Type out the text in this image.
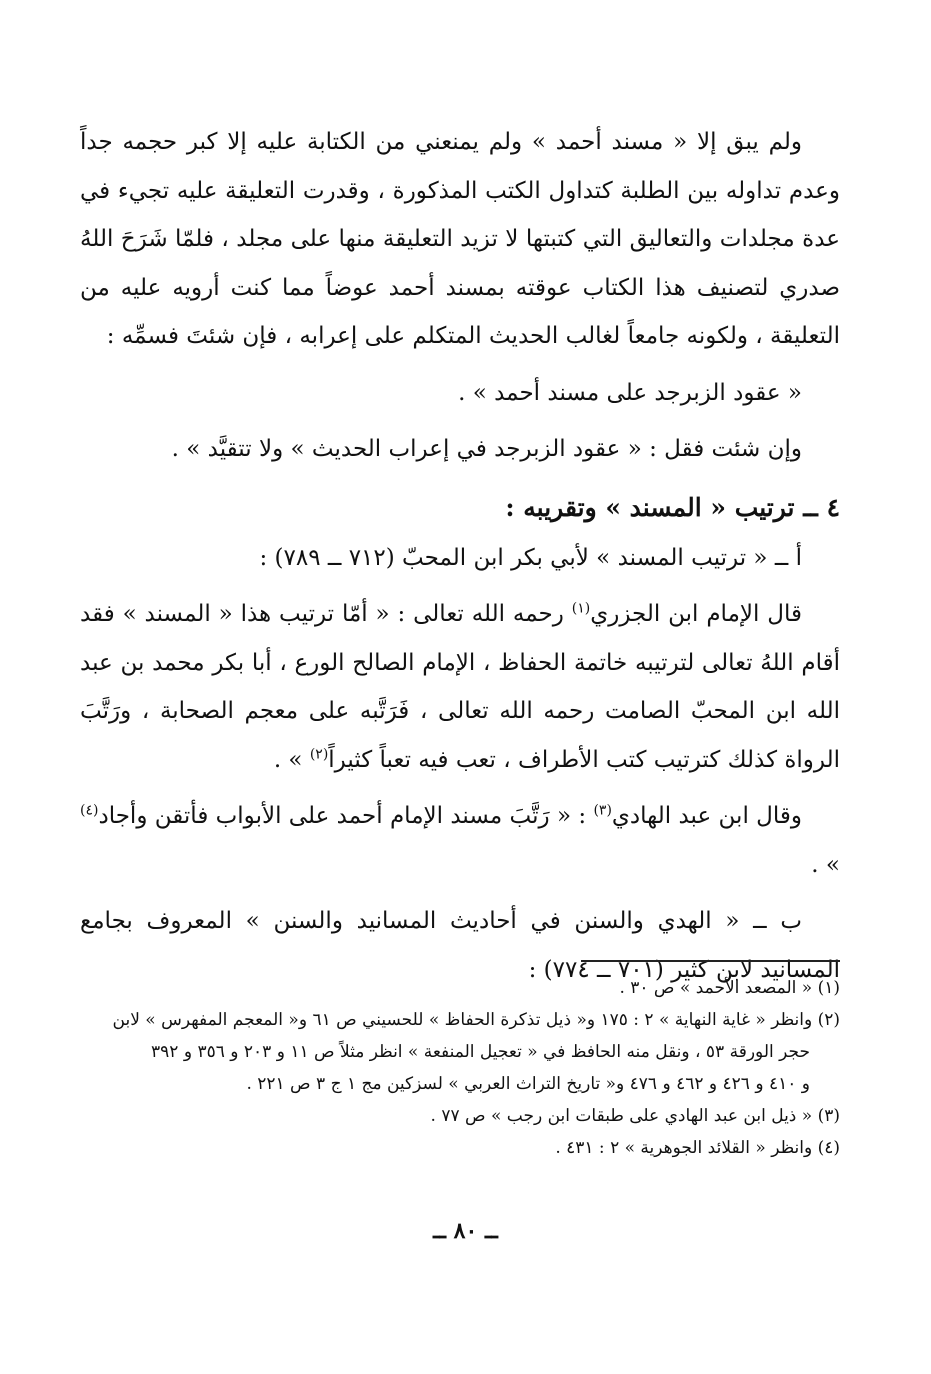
ولم يبق إلا « مسند أحمد » ولم يمنعني من الكتابة عليه إلا كبر حجمه جداً وعدم تداوله بين الطلبة كتداول الكتب المذكورة ، وقدرت التعليقة عليه تجيء في عدة مجلدات والتعاليق التي كتبتها لا تزيد التعليقة منها على مجلد ، فلمّا شَرَحَ اللهُ صدري لتصنيف هذا الكتاب عوقته بمسند أحمد عوضاً مما كنت أرويه عليه من التعليقة ، ولكونه جامعاً لغالب الحديث المتكلم على إعرابه ، فإن شئتَ فسمِّه :

« عقود الزبرجد على مسند أحمد » .

وإن شئت فقل : « عقود الزبرجد في إعراب الحديث » ولا تتقيَّد » .

٤ ــ ترتيب « المسند » وتقريبه :

أ ــ « ترتيب المسند » لأبي بكر ابن المحبّ (٧١٢ ــ ٧٨٩) :

قال الإمام ابن الجزري$^{(١)}$ رحمه الله تعالى : « أمّا ترتيب هذا « المسند » فقد أقام اللهُ تعالى لترتيبه خاتمة الحفاظ ، الإمام الصالح الورع ، أبا بكر محمد بن عبد الله ابن المحبّ الصامت رحمه الله تعالى ، فَرَتَّبه على معجم الصحابة ، ورَتَّبَ الرواة كذلك كترتيب كتب الأطراف ، تعب فيه تعباً كثيراً$^{(٢)}$ » .

وقال ابن عبد الهادي$^{(٣)}$ : « رَتَّبَ مسند الإمام أحمد على الأبواب فأتقن وأجاد$^{(٤)}$ » .

ب ــ « الهدي والسنن في أحاديث المسانيد والسنن » المعروف بجامع المسانيد لابن كثير (٧٠١ ــ ٧٧٤) :

(١) « المصعد الأحمد » ص ٣٠ .

(٢) وانظر « غاية النهاية » ٢ : ١٧٥ و« ذيل تذكرة الحفاظ » للحسيني ص ٦١ و« المعجم المفهرس » لابن

حجر الورقة ٥٣ ، ونقل منه الحافظ في « تعجيل المنفعة » انظر مثلاً ص ١١ و ٢٠٣ و ٣٥٦ و ٣٩٢

و ٤١٠ و ٤٢٦ و ٤٦٢ و ٤٧٦ و« تاريخ التراث العربي » لسزكين مج ١ ج ٣ ص ٢٢١ .

(٣) « ذيل ابن عبد الهادي على طبقات ابن رجب » ص ٧٧ .

(٤) وانظر « القلائد الجوهرية » ٢ : ٤٣١ .

ــ ٨٠ ــ
